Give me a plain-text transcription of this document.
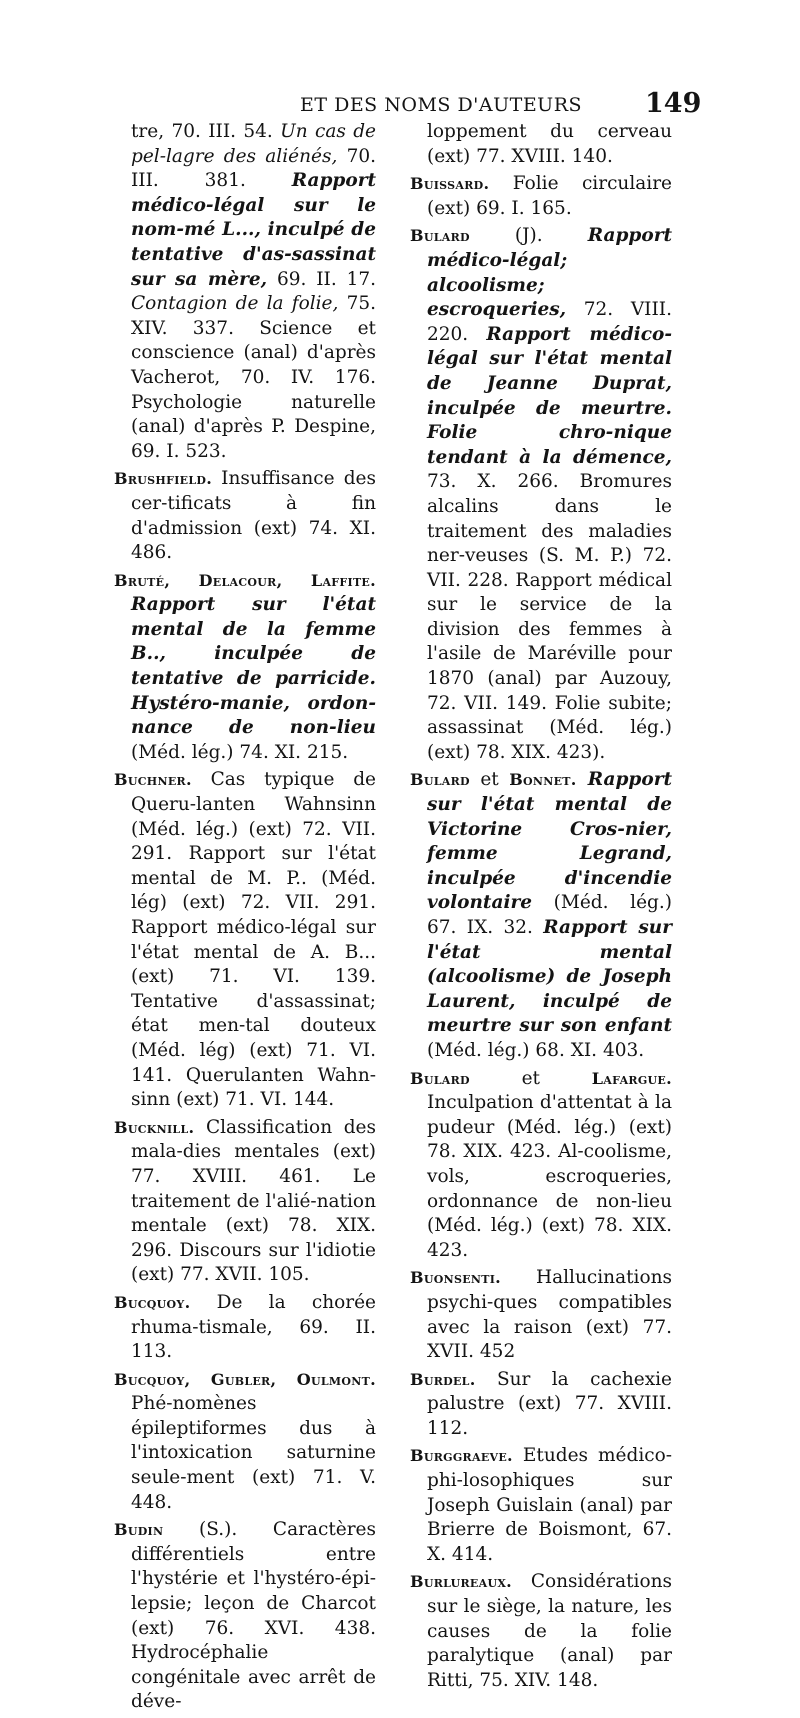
ET DES NOMS D'AUTEURS 149

tre, 70. III. 54. Un cas de pel-lagre des aliénés, 70. III. 381. Rapport médico-légal sur le nom-mé L..., inculpé de tentative d'as-sassinat sur sa mère, 69. II. 17. Contagion de la folie, 75. XIV. 337. Science et conscience (anal) d'après Vacherot, 70. IV. 176. Psychologie naturelle (anal) d'après P. Despine, 69. I. 523.

Brushfield. Insuffisance des cer-tificats à fin d'admission (ext) 74. XI. 486.

Bruté, Delacour, Laffite. Rapport sur l'état mental de la femme B.., inculpée de tentative de parricide. Hystéro-manie, ordon-nance de non-lieu (Méd. lég.) 74. XI. 215.

Buchner. Cas typique de Queru-lanten Wahnsinn (Méd. lég.) (ext) 72. VII. 291. Rapport sur l'état mental de M. P.. (Méd. lég) (ext) 72. VII. 291. Rapport médico-légal sur l'état mental de A. B... (ext) 71. VI. 139. Tentative d'assassinat; état men-tal douteux (Méd. lég) (ext) 71. VI. 141. Querulanten Wahn-sinn (ext) 71. VI. 144.

Bucknill. Classification des mala-dies mentales (ext) 77. XVIII. 461. Le traitement de l'alié-nation mentale (ext) 78. XIX. 296. Discours sur l'idiotie (ext) 77. XVII. 105.

Bucquoy. De la chorée rhuma-tismale, 69. II. 113.

Bucquoy, Gubler, Oulmont. Phé-nomènes épileptiformes dus à l'intoxication saturnine seule-ment (ext) 71. V. 448.

Budin (S.). Caractères différentiels entre l'hystérie et l'hystéro-épi-lepsie; leçon de Charcot (ext) 76. XVI. 438. Hydrocéphalie congénitale avec arrêt de déve-

loppement du cerveau (ext) 77. XVIII. 140.

Buissard. Folie circulaire (ext) 69. I. 165.

Bulard (J). Rapport médico-légal; alcoolisme; escroqueries, 72. VIII. 220. Rapport médico-légal sur l'état mental de Jeanne Duprat, inculpée de meurtre. Folie chro-nique tendant à la démence, 73. X. 266. Bromures alcalins dans le traitement des maladies ner-veuses (S. M. P.) 72. VII. 228. Rapport médical sur le service de la division des femmes à l'asile de Maréville pour 1870 (anal) par Auzouy, 72. VII. 149. Folie subite; assassinat (Méd. lég.) (ext) 78. XIX. 423).

Bulard et Bonnet. Rapport sur l'état mental de Victorine Cros-nier, femme Legrand, inculpée d'incendie volontaire (Méd. lég.) 67. IX. 32. Rapport sur l'état mental (alcoolisme) de Joseph Laurent, inculpé de meurtre sur son enfant (Méd. lég.) 68. XI. 403.

Bulard et Lafargue. Inculpation d'attentat à la pudeur (Méd. lég.) (ext) 78. XIX. 423. Al-coolisme, vols, escroqueries, ordonnance de non-lieu (Méd. lég.) (ext) 78. XIX. 423.

Buonsenti. Hallucinations psychi-ques compatibles avec la raison (ext) 77. XVII. 452

Burdel. Sur la cachexie palustre (ext) 77. XVIII. 112.

Burggraeve. Etudes médico-phi-losophiques sur Joseph Guislain (anal) par Brierre de Boismont, 67. X. 414.

Burlureaux. Considérations sur le siège, la nature, les causes de la folie paralytique (anal) par Ritti, 75. XIV. 148.
